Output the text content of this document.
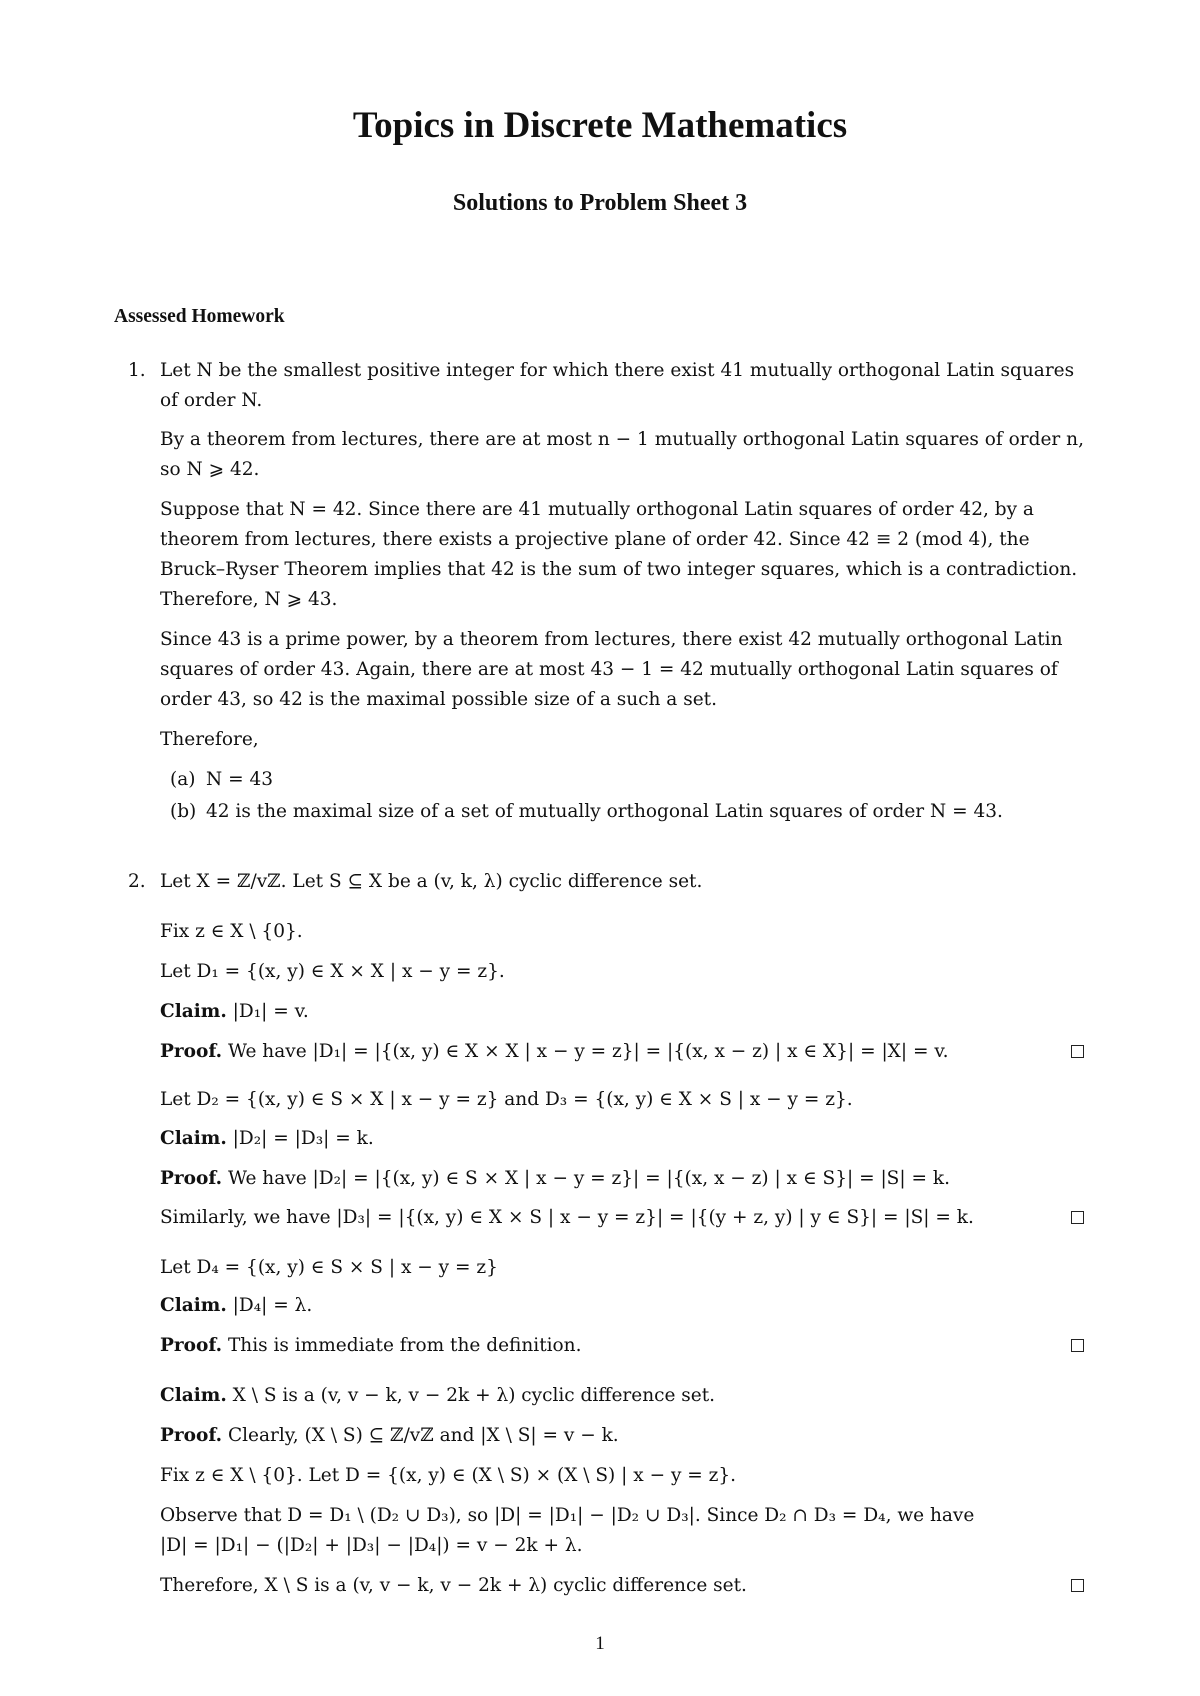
Topics in Discrete Mathematics
Solutions to Problem Sheet 3
Assessed Homework
1. Let N be the smallest positive integer for which there exist 41 mutually orthogonal Latin squares
of order N.
By a theorem from lectures, there are at most n − 1 mutually orthogonal Latin squares of order n,
so N ⩾ 42.
Suppose that N = 42. Since there are 41 mutually orthogonal Latin squares of order 42, by a
theorem from lectures, there exists a projective plane of order 42. Since 42 ≡ 2 (mod 4), the
Bruck–Ryser Theorem implies that 42 is the sum of two integer squares, which is a contradiction.
Therefore, N ⩾ 43.
Since 43 is a prime power, by a theorem from lectures, there exist 42 mutually orthogonal Latin
squares of order 43. Again, there are at most 43 − 1 = 42 mutually orthogonal Latin squares of
order 43, so 42 is the maximal possible size of a such a set.
Therefore,
(a) N = 43
(b) 42 is the maximal size of a set of mutually orthogonal Latin squares of order N = 43.
2. Let X = ℤ/vℤ. Let S ⊆ X be a (v, k, λ) cyclic difference set.
Fix z ∈ X \ {0}.
Let D₁ = {(x, y) ∈ X × X | x − y = z}.
Claim. |D₁| = v.
Proof. We have |D₁| = |{(x, y) ∈ X × X | x − y = z}| = |{(x, x − z) | x ∈ X}| = |X| = v.
Let D₂ = {(x, y) ∈ S × X | x − y = z} and D₃ = {(x, y) ∈ X × S | x − y = z}.
Claim. |D₂| = |D₃| = k.
Proof. We have |D₂| = |{(x, y) ∈ S × X | x − y = z}| = |{(x, x − z) | x ∈ S}| = |S| = k.
Similarly, we have |D₃| = |{(x, y) ∈ X × S | x − y = z}| = |{(y + z, y) | y ∈ S}| = |S| = k.
Let D₄ = {(x, y) ∈ S × S | x − y = z}
Claim. |D₄| = λ.
Proof. This is immediate from the definition.
Claim. X \ S is a (v, v − k, v − 2k + λ) cyclic difference set.
Proof. Clearly, (X \ S) ⊆ ℤ/vℤ and |X \ S| = v − k.
Fix z ∈ X \ {0}. Let D = {(x, y) ∈ (X \ S) × (X \ S) | x − y = z}.
Observe that D = D₁ \ (D₂ ∪ D₃), so |D| = |D₁| − |D₂ ∪ D₃|. Since D₂ ∩ D₃ = D₄, we have
|D| = |D₁| − (|D₂| + |D₃| − |D₄|) = v − 2k + λ.
Therefore, X \ S is a (v, v − k, v − 2k + λ) cyclic difference set.
1
